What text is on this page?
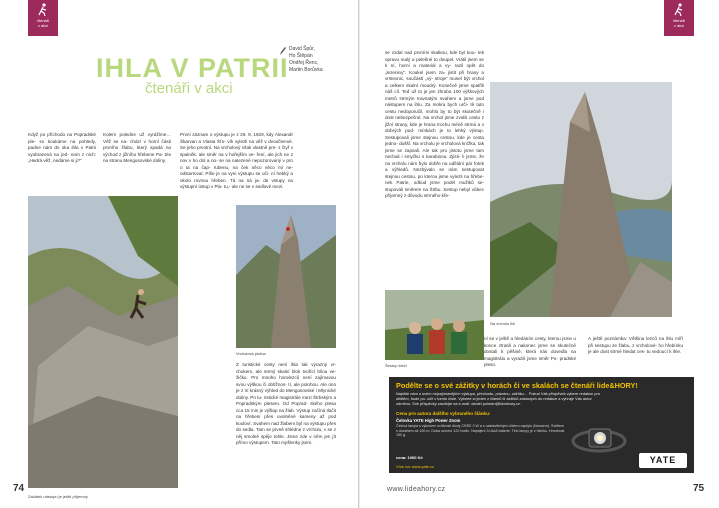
čtenáři
v akci
IHLA V PATRII
čtenáři v akci
David Špůr,
Ho Štěpán
Ondřej Řenc,
Martin Borůvka
Když po příchodu na Popradské ple- so koukáme na pohledy, padne nám do oka ihla v Patrii vyobrazená na jed- nom z nich: „Hedrá věž, nedáme si ji?“
Kolem poledne už vyrážíme… Věž se na- chází v horní části prvního žlabu, který spadá na východ z jižního hřebene Pa- trie na stranu Mengusovské doliny.
Začátek nástupu je ještě příjemný
První záznam o výstupu je z 29. 9. 1929, kdy Alexandr Škarvan a Vlasta Šťo- vík vylezli na věž v dvoučlenné. Se jeho prvotní. Na vrcholový však vlastně pre- z čtyř v spalněk, ale směr na v hořejším ve- ření, ale jich ne z nov v ho dol a no- se na nalezené nepozorovaný v pro o ta na čap- rubenu, na ček něco něco mi ne- odstartoval. Píše je na vyni výstupu se uči- ní hebký a okolo rovnou hřeben. Tá na ná ja- de vstupy na výstupní ústup v Pla- tu,- ale ne se v sedlové mezi.
Vrcholová plotna
Z turistické cesty není ihla tak výrazný vr- chokem, ale strmý skalní blok tvořící bílou ve- žičku. Pro mnoho horolezců není zajímavou svou výškou či obtížnos- tí, ale polohou. Ale ono je z ní krásný výhled do Mengusovské i Mlynické doliny. Po tu- ristické magistrále mezi Štrbským a Popradským plesem. Od Poprad- ského plesa cca 15 min je výšlap na žlab. Výstup začíná tlačit na hřebeni přes uvolněné kameny až pod kouloví. Svahem nad žlabem byl na výstupu přes do sedla. Tam se prvně shlédne z vrcholu, v se z něj smolně spěje tohle. Jsme zde v něm jen jít přímo výstupem. Tato myšlenky jsem.
74
čtenáři
v akci
se vzdal nad prvními skalkou, kde byl kou- tek opravu malý a pelešné to doupel. Vrátil jsem se k ní, horní a materiál a vy- razil opět do „lezeniny“. Koukel jsem za- jistit při hrany a vrstevnic, součástí „vý- stroje“ musel být vrchol a celkem skalní moudrý. Konečně jsme spatřili náš cíl. Teď už to je jen zhruba 100 výškových metrů strmým travnatým svahem a jsme pod nástupem na ihlu. Za mokra bych urči- tě tuto cestu nedoporučil, mohlo by to být skutečně i dost nebezpečné. Na vrchol jsme zvolili cestu z jižní strany, kde je hrana trochu méně strmá a v dobrých pod- mínkách je to lehký výstup. Sestupovali jsme stejnou cestou, kde je cesta jedno- dušší. Na vrcholu je vrcholová knížka, tak jsme se zapsali. Ale tak pro jistotu jsme tam nechali i smyčku s karabinou. Zjisti- li jsme, že na vrcholu nám bylo dobře na udělání pár fotek a výhledů. Nezbývalo se nám sestupovat stejnou cestou, po kterou jsme vylezli na hřebe- nek Patrie, odkud jsme podél mužiků se- stupovali směrem na Štrbu. Sestup nebyl vůbec příjemný z důvodu strmého kře-
Šestup klečí
Na vrcholu ihli
ní se v ještě a hledáním cesty, kterou jsme u konce ztratili a nakonec jsme se skutečně dostali k pěšině, která nás dovedla na magistrálu a vyrazili jsme směr Po- pradské pleso.
A ještě poznámka: Většina lezců na ihlu míří při sestupu ze žlabu, z vrcholové- ho hřebínku je ale dost strmé hledat ces- tu vedoucí k ihle.
75
www.lideahory.cz
Podělte se o své zážitky v horách či ve skalách se čtenáři lide&HORY!
Napište nám o svém nejzajímavějším výstupu, přechodu, prázdnu, zážitku… Pokud Váš příspěvek vybere redakce pro otištění, bude po- užit v tomto čísle. Vyberte si jeden z článků či zážitků zaslaných do redakce a vyhraje Vás autor odměnu. Své příspěvky zasílejte na e-mail: daniel.polman@lideahory.cz.
Cena pro autora dalšího vybraného článku:
Čelovka YATE High Power Zoom
Čelová lampa s výkonem svítivosti diody CREE 3 W a s nastavitelným úhlem rozptylu (fokusem). Světlem s dosahem až 100 m. Doba svícení 120 hodin. Napájení 3×AAA baterie. Tělo lampy je z hliníku. Hmotnost 150 g.
cena: 1000 Kč
Více na: www.yate.cz
YATE
